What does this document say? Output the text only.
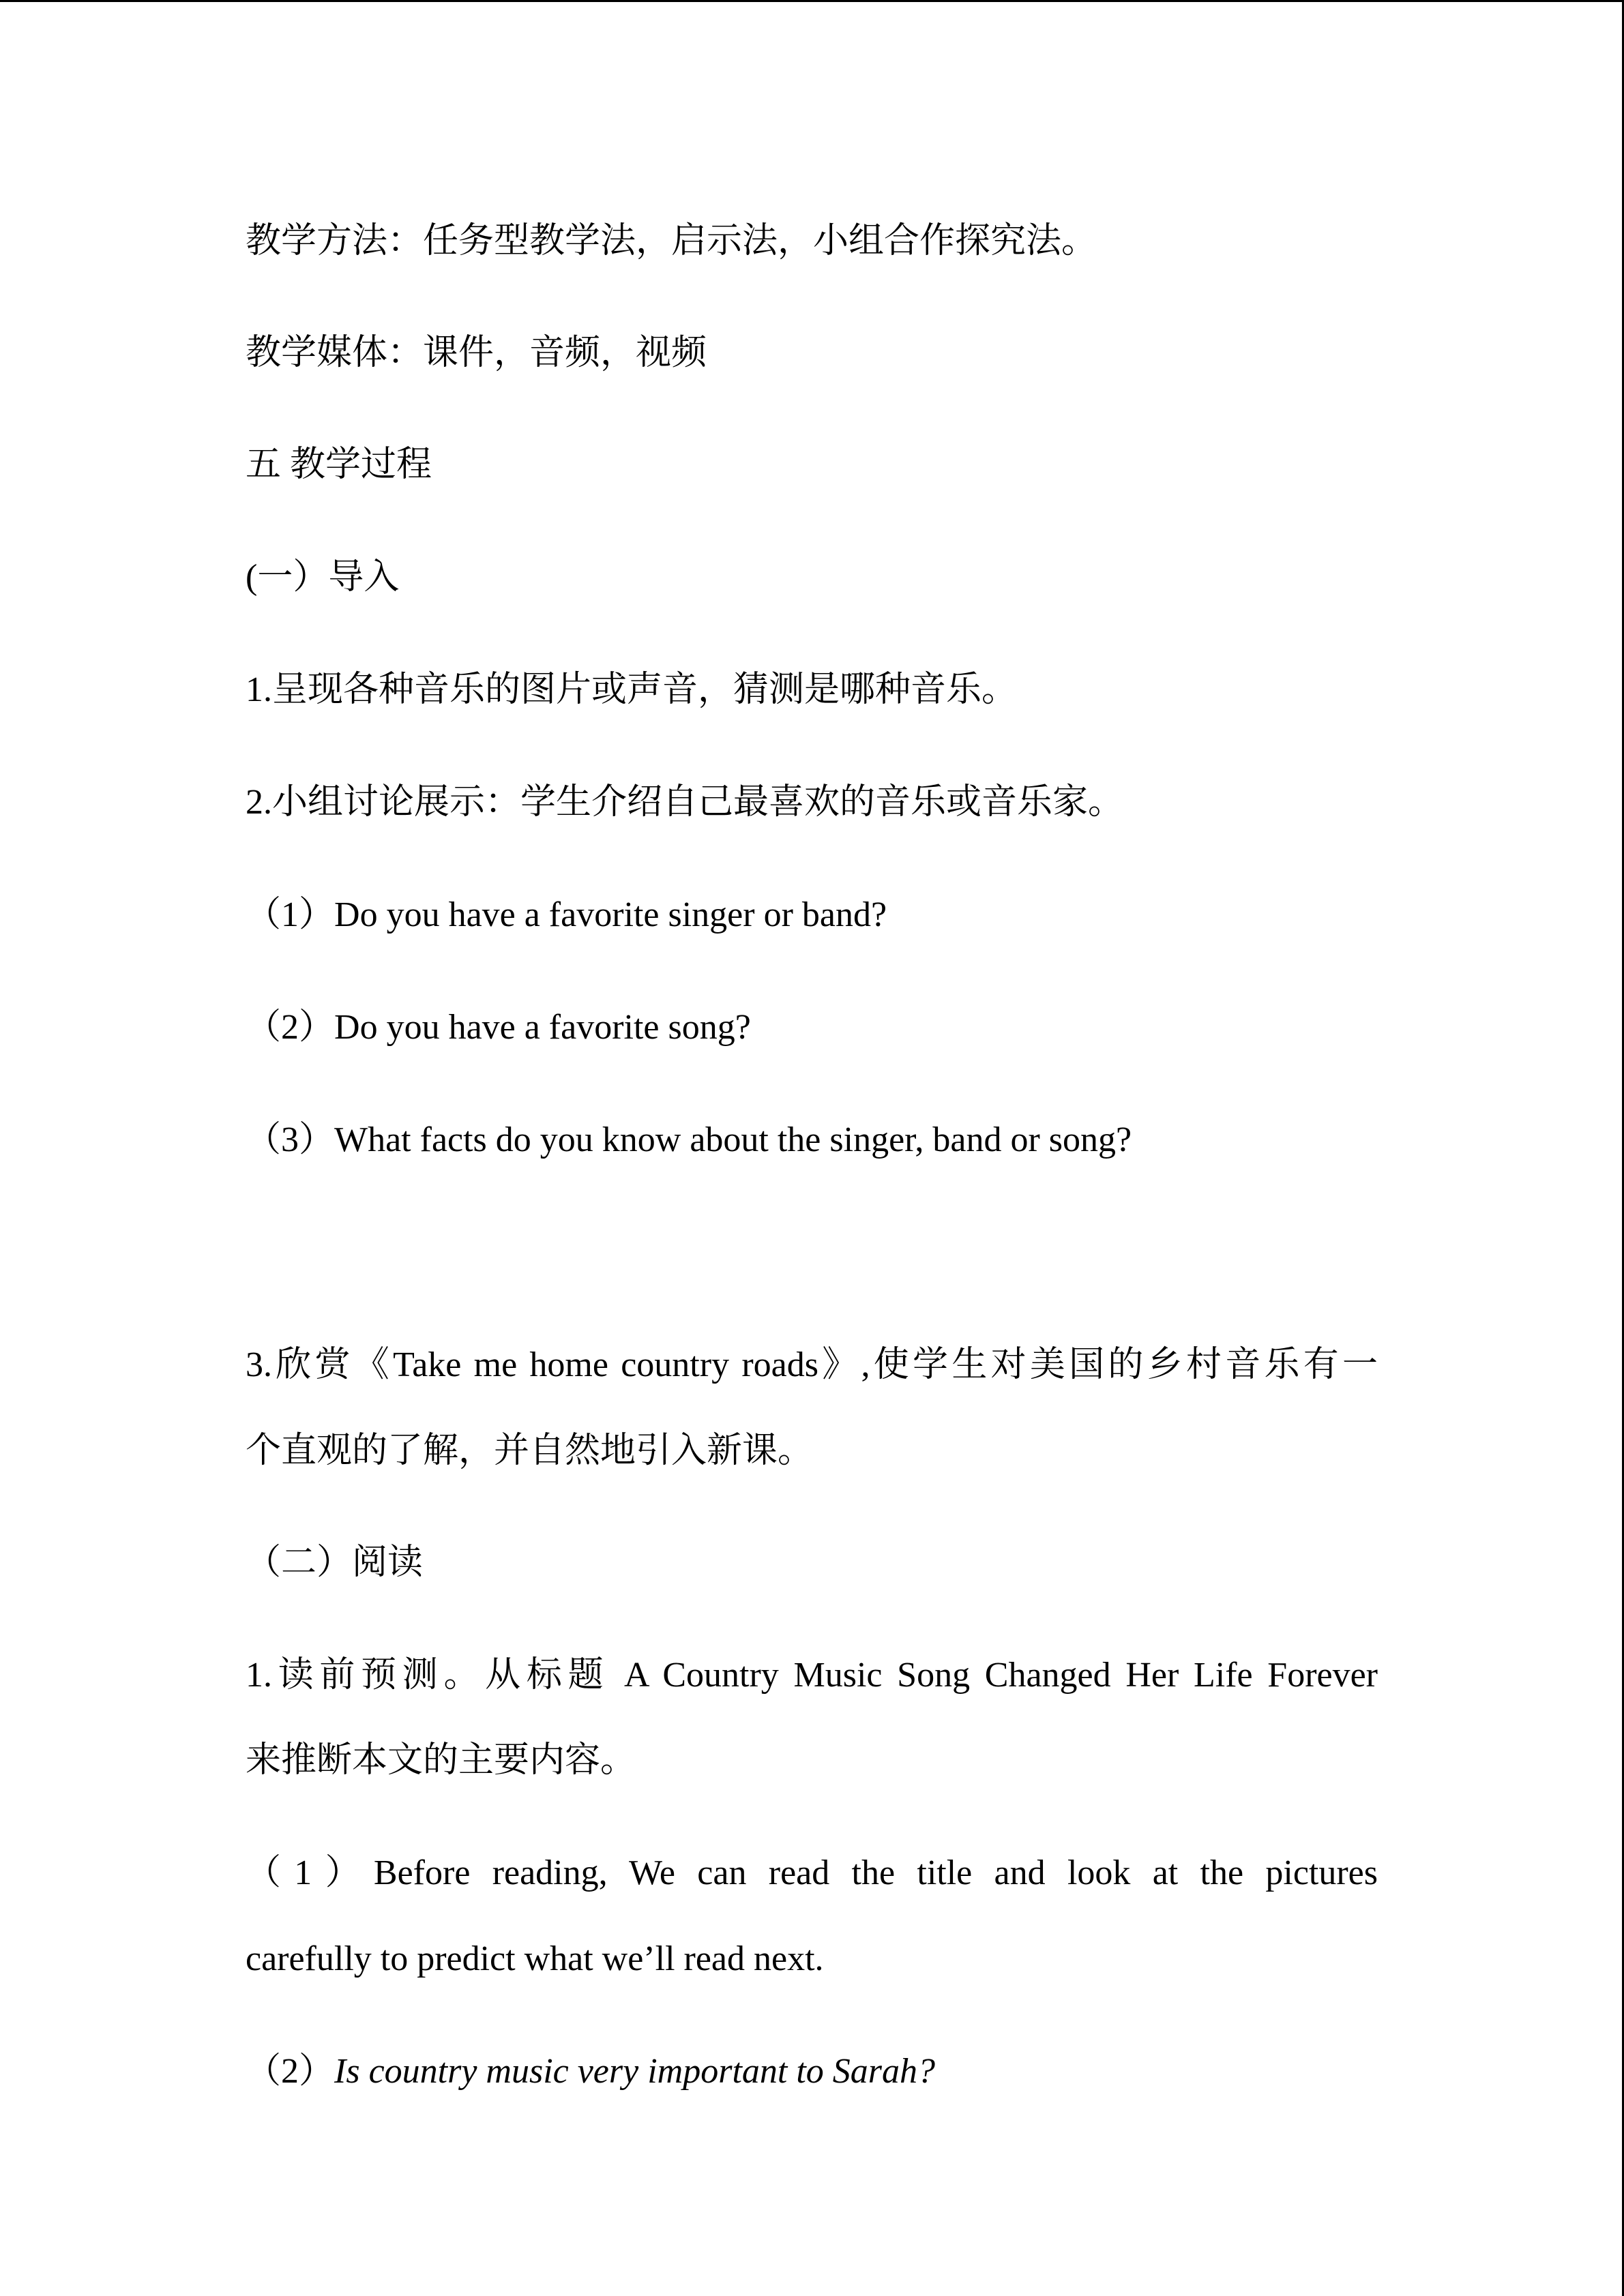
教学方法：任务型教学法，启示法，小组合作探究法。
教学媒体：课件，音频，视频
五 教学过程
(一）导入
1.呈现各种音乐的图片或声音，猜测是哪种音乐。
2.小组讨论展示：学生介绍自己最喜欢的音乐或音乐家。
（1）Do you have a favorite singer or band?
（2）Do you have a favorite song?
（3）What facts do you know about the singer, band or song?
3.欣赏《Take me home country roads》,使学生对美国的乡村音乐有一
个直观的了解，并自然地引入新课。
（二）阅读
1.读前预测。从标题 A Country Music Song Changed Her Life Forever
来推断本文的主要内容。
（1）Before reading, We can read the title and look at the pictures
carefully to predict what we’ll read next.
（2）Is country music very important to Sarah?
